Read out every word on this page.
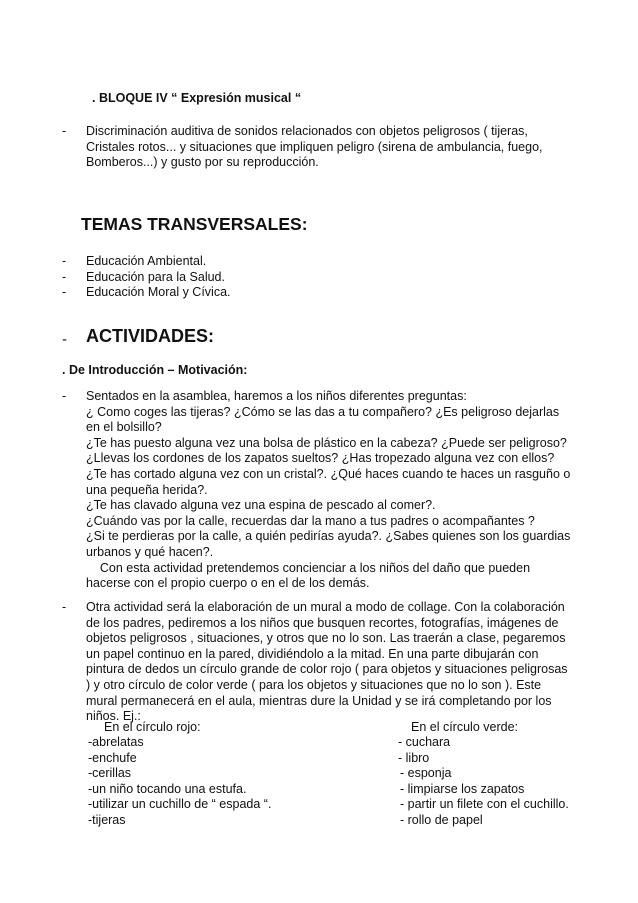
. BLOQUE IV “ Expresión musical “
- Discriminación auditiva de sonidos relacionados con objetos peligrosos ( tijeras,
Cristales rotos... y situaciones que impliquen peligro (sirena de ambulancia, fuego,
Bomberos...) y gusto por su reproducción.
TEMAS TRANSVERSALES:
-
-
-
Educación Ambiental.
Educación para la Salud.
Educación Moral y Cívica.
- ACTIVIDADES:
. De Introducción – Motivación:
- Sentados en la asamblea, haremos a los niños diferentes preguntas:
¿ Como coges las tijeras? ¿Cómo se las das a tu compañero? ¿Es peligroso dejarlas
en el bolsillo?
¿Te has puesto alguna vez una bolsa de plástico en la cabeza? ¿Puede ser peligroso?
¿Llevas los cordones de los zapatos sueltos? ¿Has tropezado alguna vez con ellos?
¿Te has cortado alguna vez con un cristal?. ¿Qué haces cuando te haces un rasguño o
una pequeña herida?.
¿Te has clavado alguna vez una espina de pescado al comer?.
¿Cuándo vas por la calle, recuerdas dar la mano a tus padres o acompañantes ?
¿Si te perdieras por la calle, a quién pedirías ayuda?. ¿Sabes quienes son los guardias
urbanos y qué hacen?.
Con esta actividad pretendemos concienciar a los niños del daño que pueden
hacerse con el propio cuerpo o en el de los demás.
- Otra actividad será la elaboración de un mural a modo de collage. Con la colaboración
de los padres, pediremos a los niños que busquen recortes, fotografías, imágenes de
objetos peligrosos , situaciones, y otros que no lo son. Las traerán a clase, pegaremos
un papel continuo en la pared, dividiéndolo a la mitad. En una parte dibujarán con
pintura de dedos un círculo grande de color rojo ( para objetos y situaciones peligrosas
) y otro círculo de color verde ( para los objetos y situaciones que no lo son ). Este
mural permanecerá en el aula, mientras dure la Unidad y se irá completando por los
niños. Ej.:
En el círculo rojo:
-abrelatas
-enchufe
-cerillas
-un niño tocando una estufa.
-utilizar un cuchillo de “ espada “.
-tijeras
En el círculo verde:
- cuchara
- libro
- esponja
- limpiarse los zapatos
- partir un filete con el cuchillo.
- rollo de papel
